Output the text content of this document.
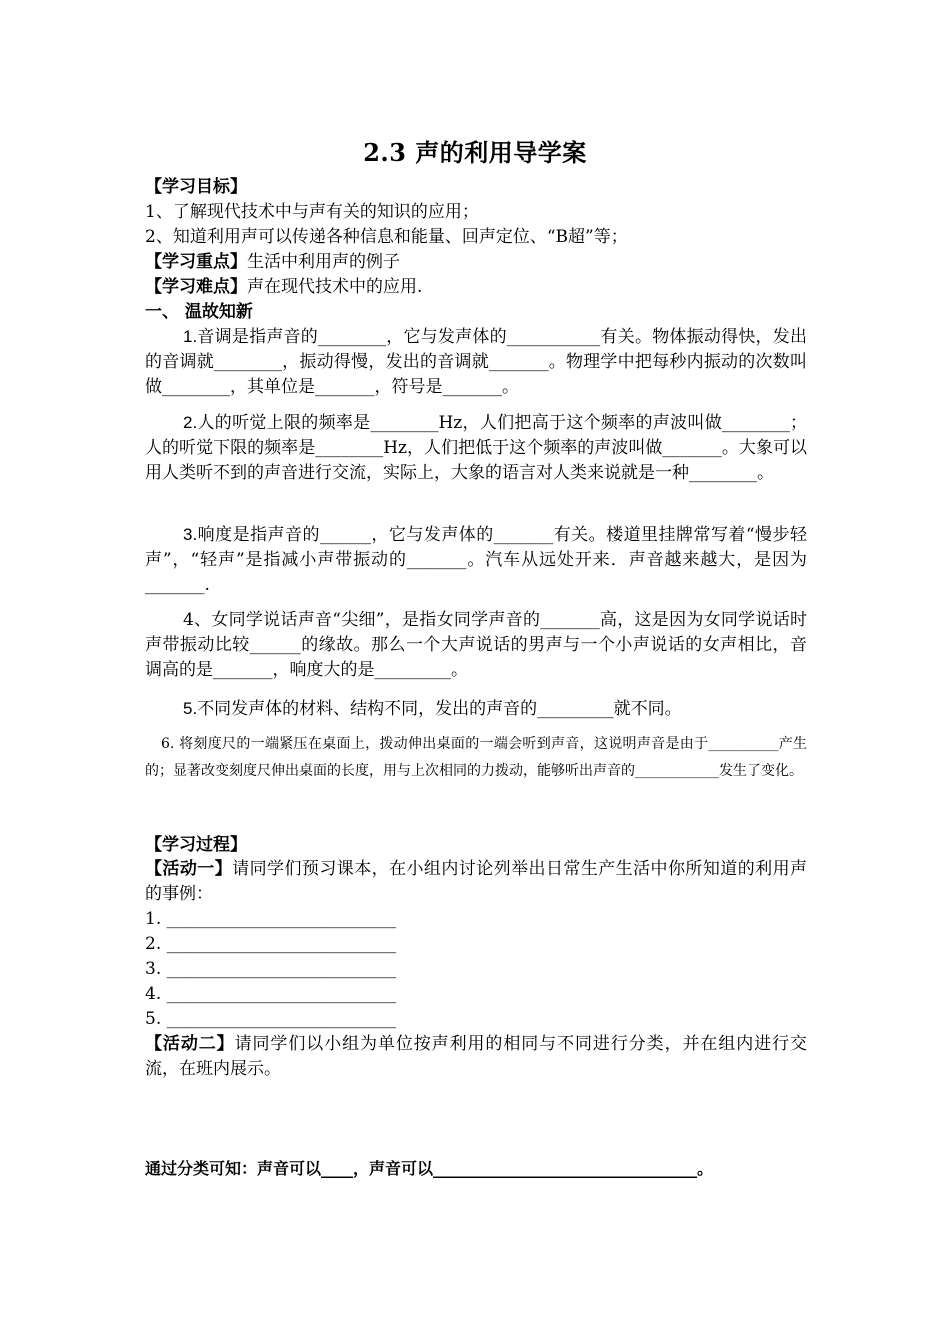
2.3 声的利用导学案
【学习目标】
1、了解现代技术中与声有关的知识的应用；
2、知道利用声可以传递各种信息和能量、回声定位、“B超”等；
【学习重点】生活中利用声的例子
【学习难点】声在现代技术中的应用.
一、 温故知新
1.音调是指声音的________，它与发声体的___________有关。物体振动得快，发出的音调就________，振动得慢，发出的音调就_______。物理学中把每秒内振动的次数叫做________，其单位是_______，符号是_______。
2.人的听觉上限的频率是________Hz，人们把高于这个频率的声波叫做________；人的听觉下限的频率是________Hz，人们把低于这个频率的声波叫做_______。大象可以用人类听不到的声音进行交流，实际上，大象的语言对人类来说就是一种________。
3.响度是指声音的______，它与发声体的_______有关。楼道里挂牌常写着“慢步轻声”，“轻声”是指减小声带振动的_______。汽车从远处开来．声音越来越大，是因为_______.
4、女同学说话声音“尖细”，是指女同学声音的_______高，这是因为女同学说话时声带振动比较______的缘故。那么一个大声说话的男声与一个小声说话的女声相比，音调高的是_______，响度大的是_________。
5.不同发声体的材料、结构不同，发出的声音的_________就不同。
6. 将刻度尺的一端紧压在桌面上，拨动伸出桌面的一端会听到声音，这说明声音是由于__________产生的；显著改变刻度尺伸出桌面的长度，用与上次相同的力拨动，能够听出声音的____________发生了变化。
【学习过程】
【活动一】请同学们预习课本，在小组内讨论列举出日常生产生活中你所知道的利用声的事例：
1. ___________________________
2. ___________________________
3. ___________________________
4. ___________________________
5. ___________________________
【活动二】请同学们以小组为单位按声利用的相同与不同进行分类，并在组内进行交流，在班内展示。
通过分类可知：声音可以____，声音可以_________________________________。
